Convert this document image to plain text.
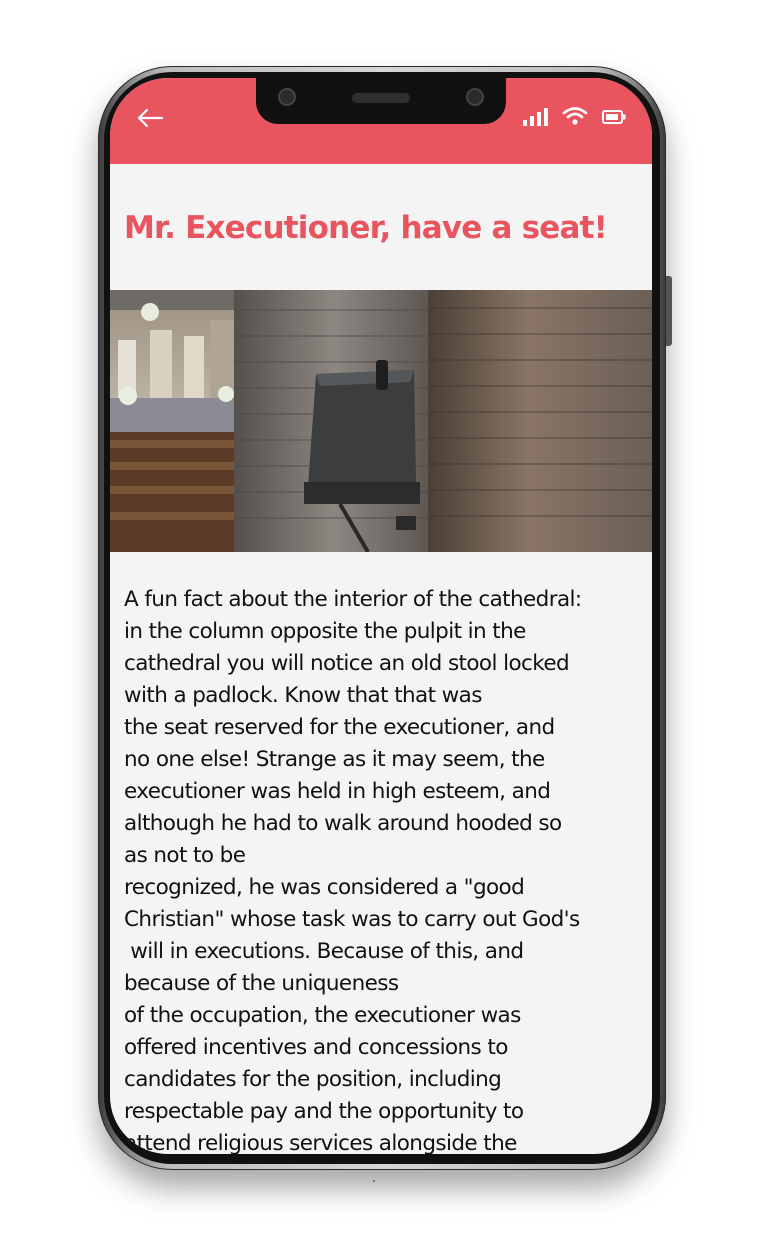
Mr. Executioner, have a seat!

A fun fact about the interior of the cathedral:
in the column opposite the pulpit in the
cathedral you will notice an old stool locked
with a padlock. Know that that was
the seat reserved for the executioner, and
no one else! Strange as it may seem, the
executioner was held in high esteem, and
although he had to walk around hooded so
as not to be
recognized, he was considered a "good
Christian" whose task was to carry out God's
will in executions. Because of this, and
because of the uniqueness
of the occupation, the executioner was
offered incentives and concessions to
candidates for the position, including
respectable pay and the opportunity to
attend religious services alongside the
